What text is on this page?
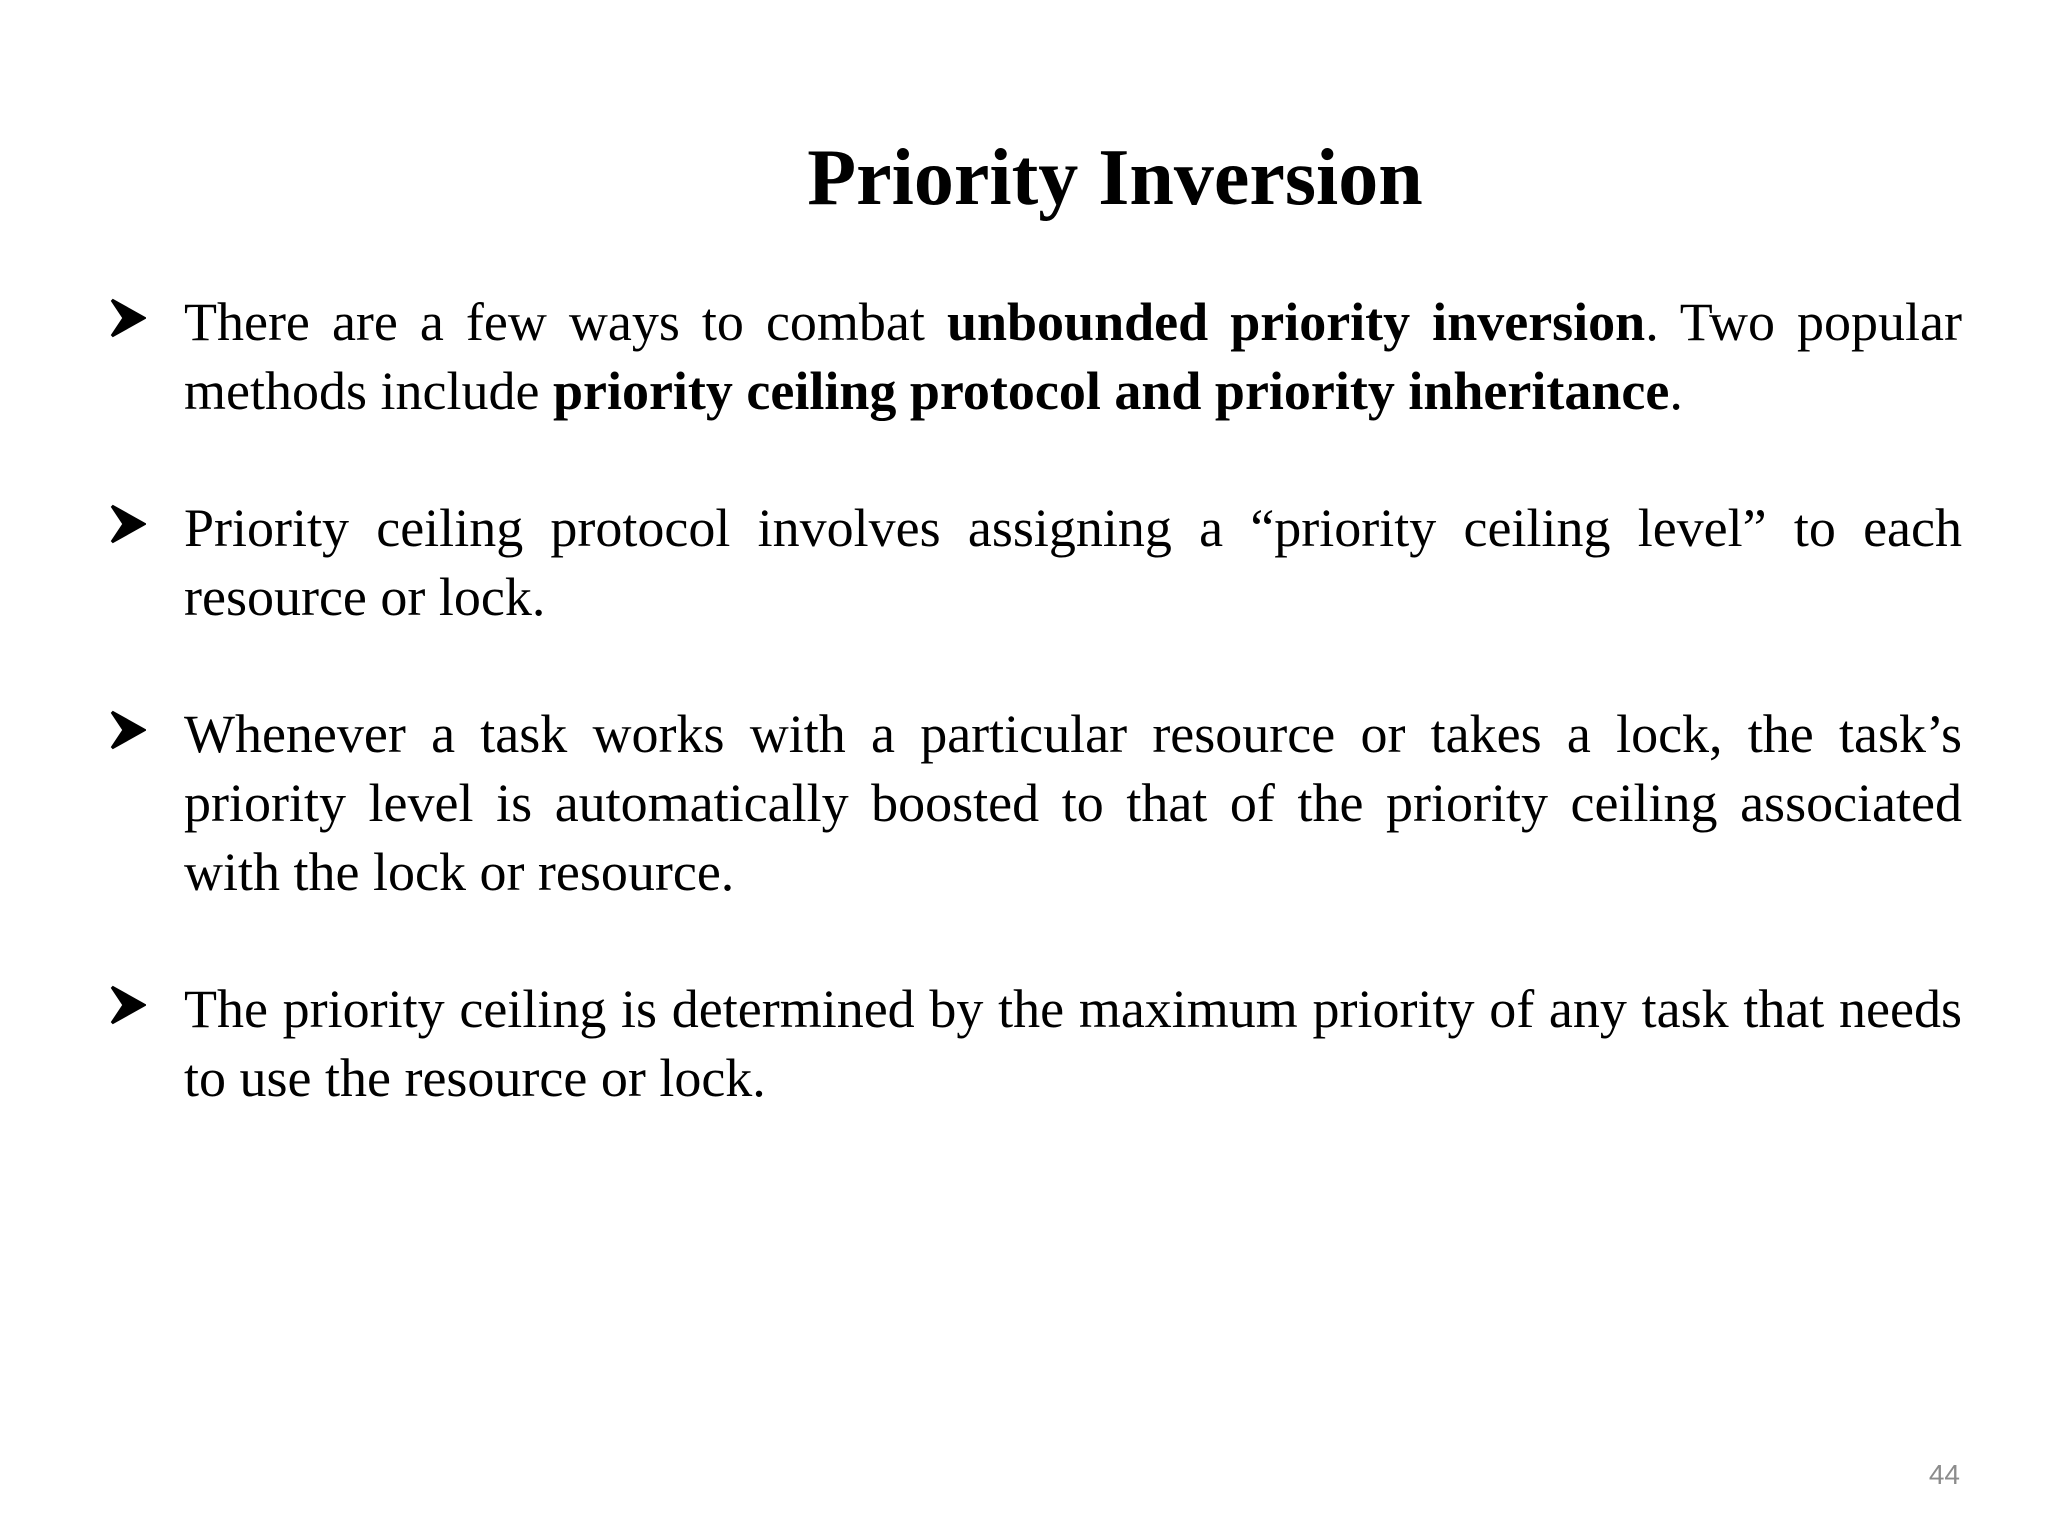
Priority Inversion
There are a few ways to combat unbounded priority inversion. Two popular methods include priority ceiling protocol and priority inheritance.
Priority ceiling protocol involves assigning a “priority ceiling level” to each resource or lock.
Whenever a task works with a particular resource or takes a lock, the task’s priority level is automatically boosted to that of the priority ceiling associated with the lock or resource.
The priority ceiling is determined by the maximum priority of any task that needs to use the resource or lock.
44
